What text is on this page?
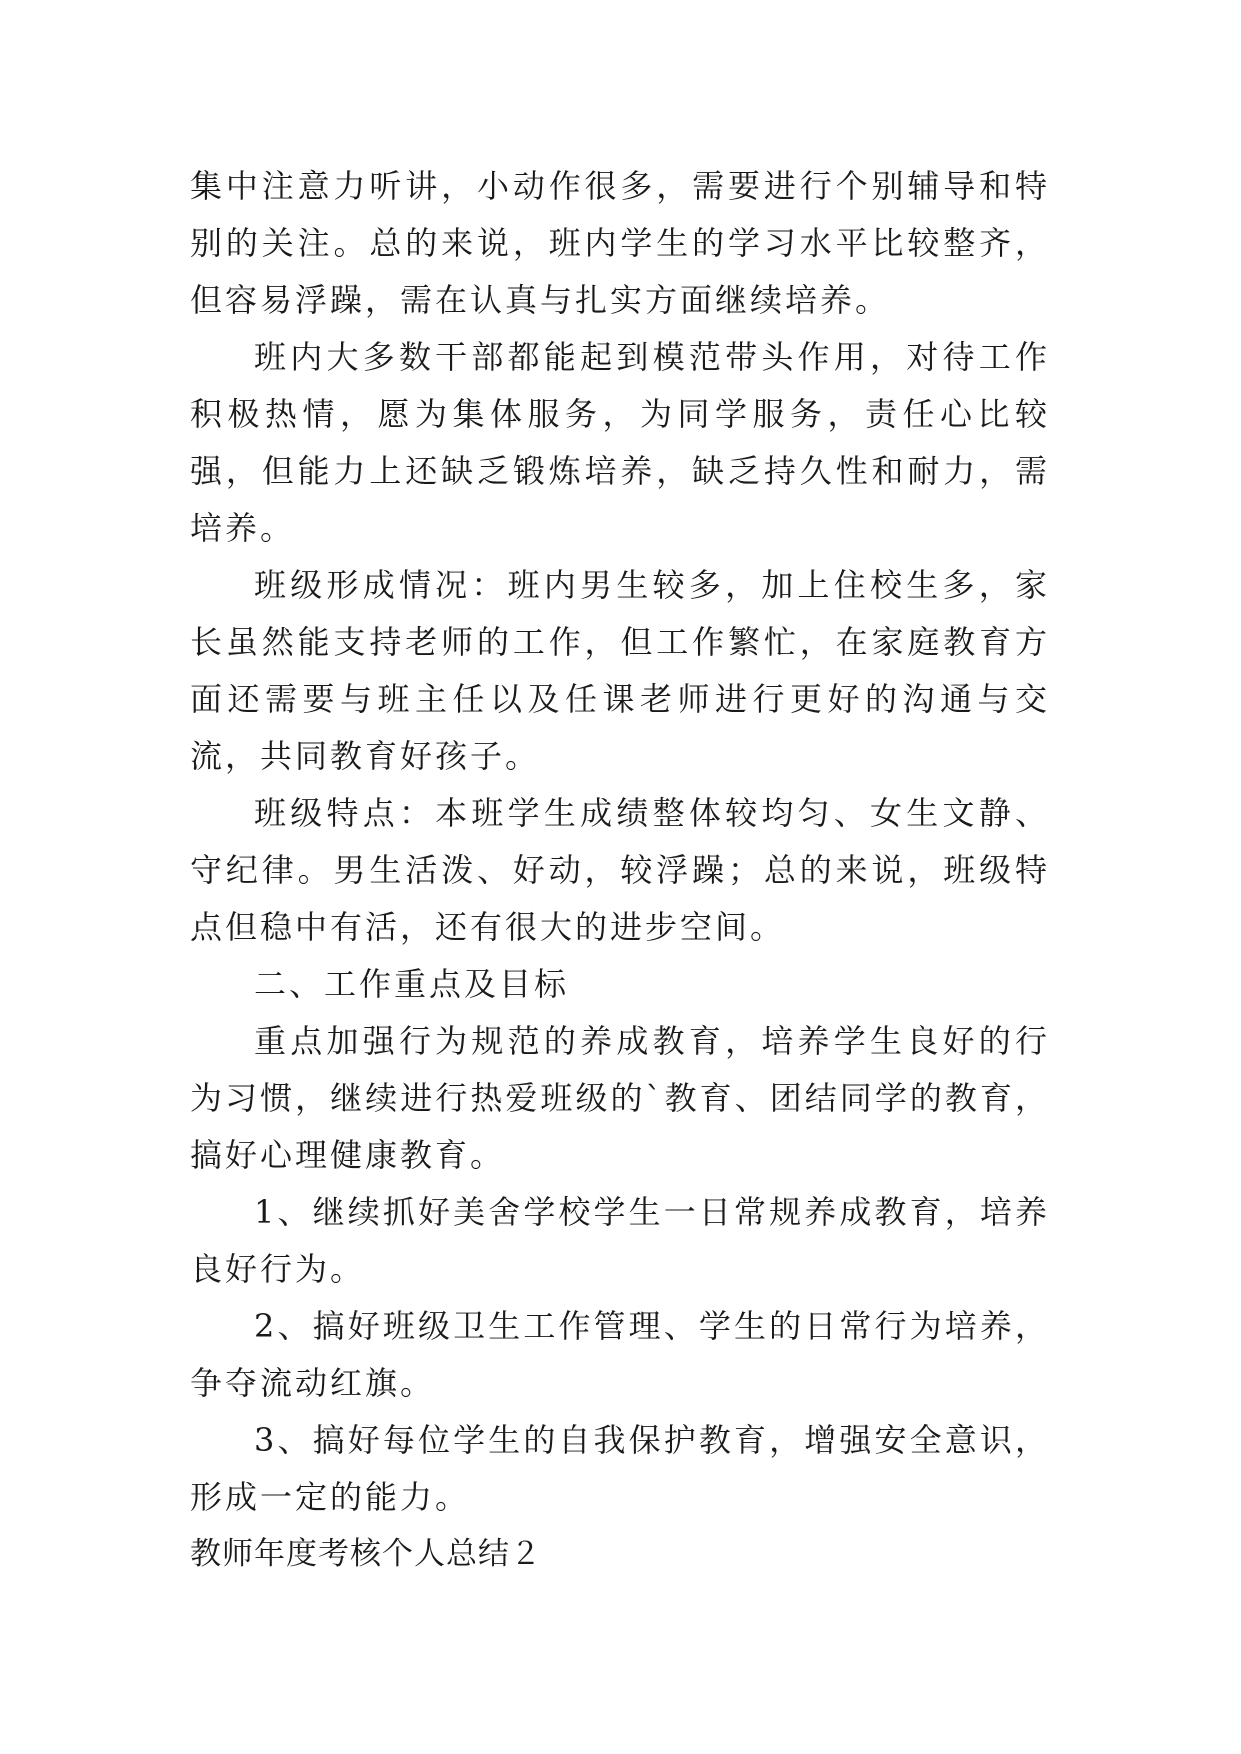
集中注意力听讲，小动作很多，需要进行个别辅导和特别的关注。总的来说，班内学生的学习水平比较整齐，但容易浮躁，需在认真与扎实方面继续培养。

班内大多数干部都能起到模范带头作用，对待工作积极热情，愿为集体服务，为同学服务，责任心比较强，但能力上还缺乏锻炼培养，缺乏持久性和耐力，需培养。

班级形成情况：班内男生较多，加上住校生多，家长虽然能支持老师的工作，但工作繁忙，在家庭教育方面还需要与班主任以及任课老师进行更好的沟通与交流，共同教育好孩子。

班级特点：本班学生成绩整体较均匀、女生文静、守纪律。男生活泼、好动，较浮躁；总的来说，班级特点但稳中有活，还有很大的进步空间。

二、工作重点及目标

重点加强行为规范的养成教育，培养学生良好的行为习惯，继续进行热爱班级的`教育、团结同学的教育，搞好心理健康教育。

1、继续抓好美舍学校学生一日常规养成教育，培养良好行为。

2、搞好班级卫生工作管理、学生的日常行为培养，争夺流动红旗。

3、搞好每位学生的自我保护教育，增强安全意识，形成一定的能力。

教师年度考核个人总结２
